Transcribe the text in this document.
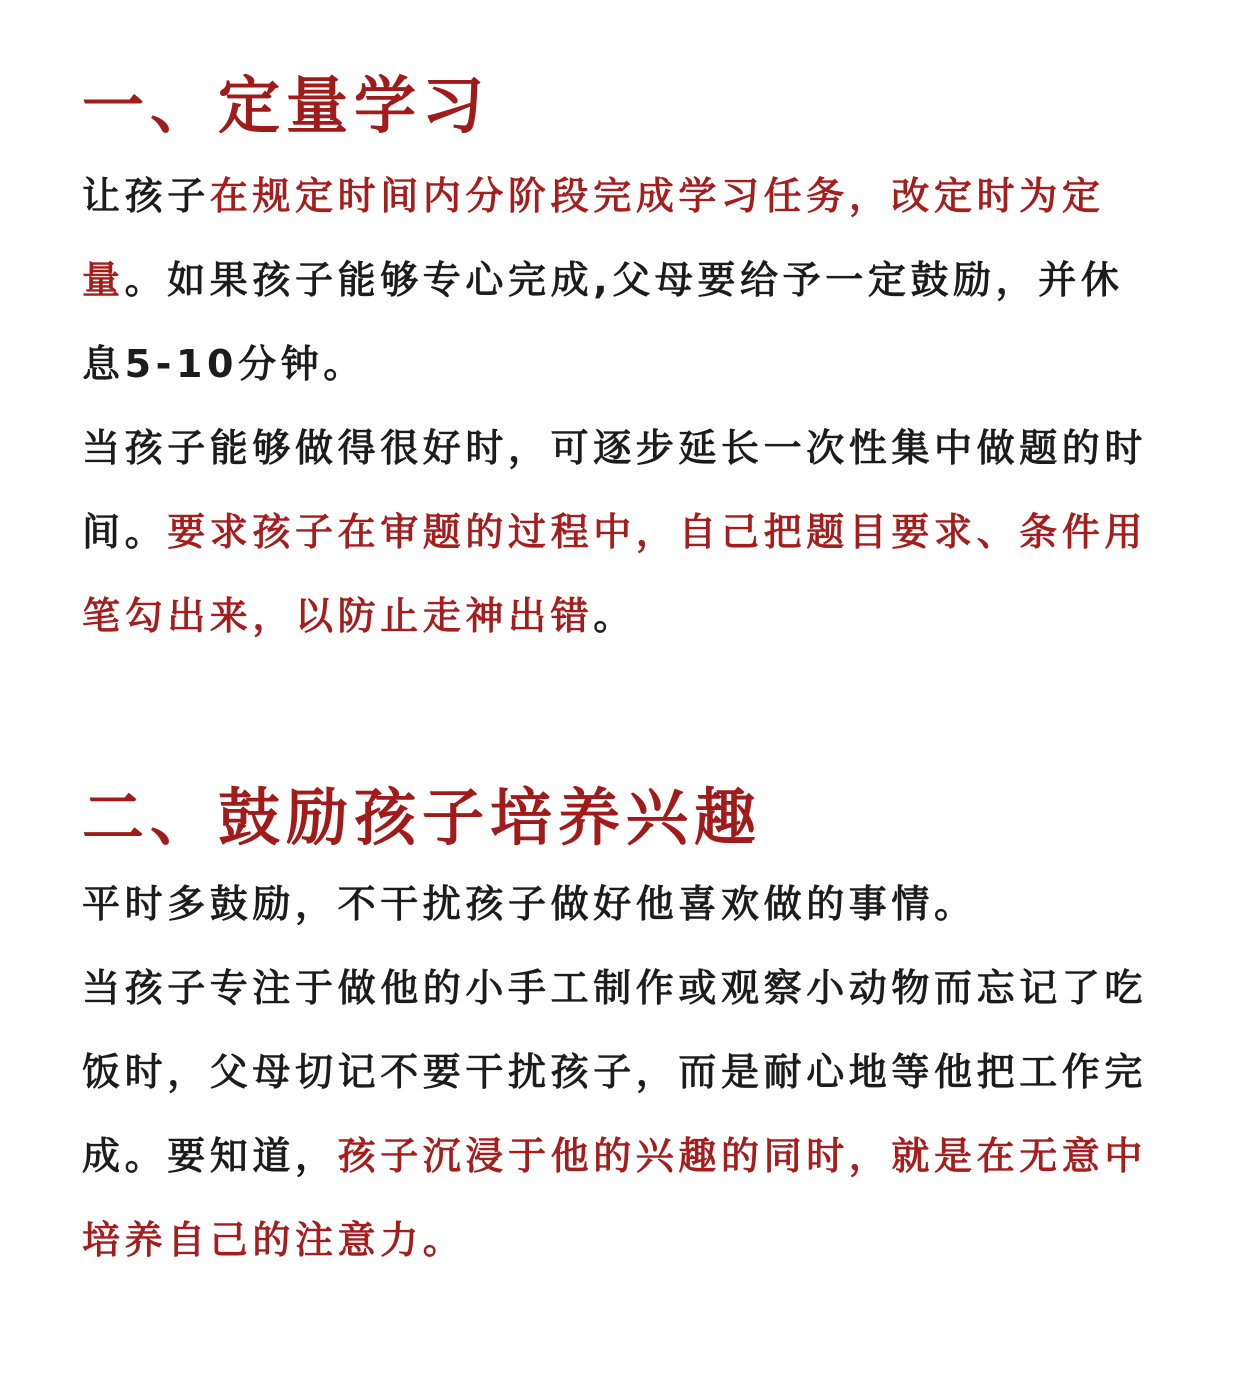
一、定量学习

让孩子在规定时间内分阶段完成学习任务，改定时为定量。如果孩子能够专心完成,父母要给予一定鼓励，并休息5-10分钟。

当孩子能够做得很好时，可逐步延长一次性集中做题的时间。要求孩子在审题的过程中，自己把题目要求、条件用笔勾出来，以防止走神出错。

二、鼓励孩子培养兴趣

平时多鼓励，不干扰孩子做好他喜欢做的事情。

当孩子专注于做他的小手工制作或观察小动物而忘记了吃饭时，父母切记不要干扰孩子，而是耐心地等他把工作完成。要知道，孩子沉浸于他的兴趣的同时，就是在无意中培养自己的注意力。
